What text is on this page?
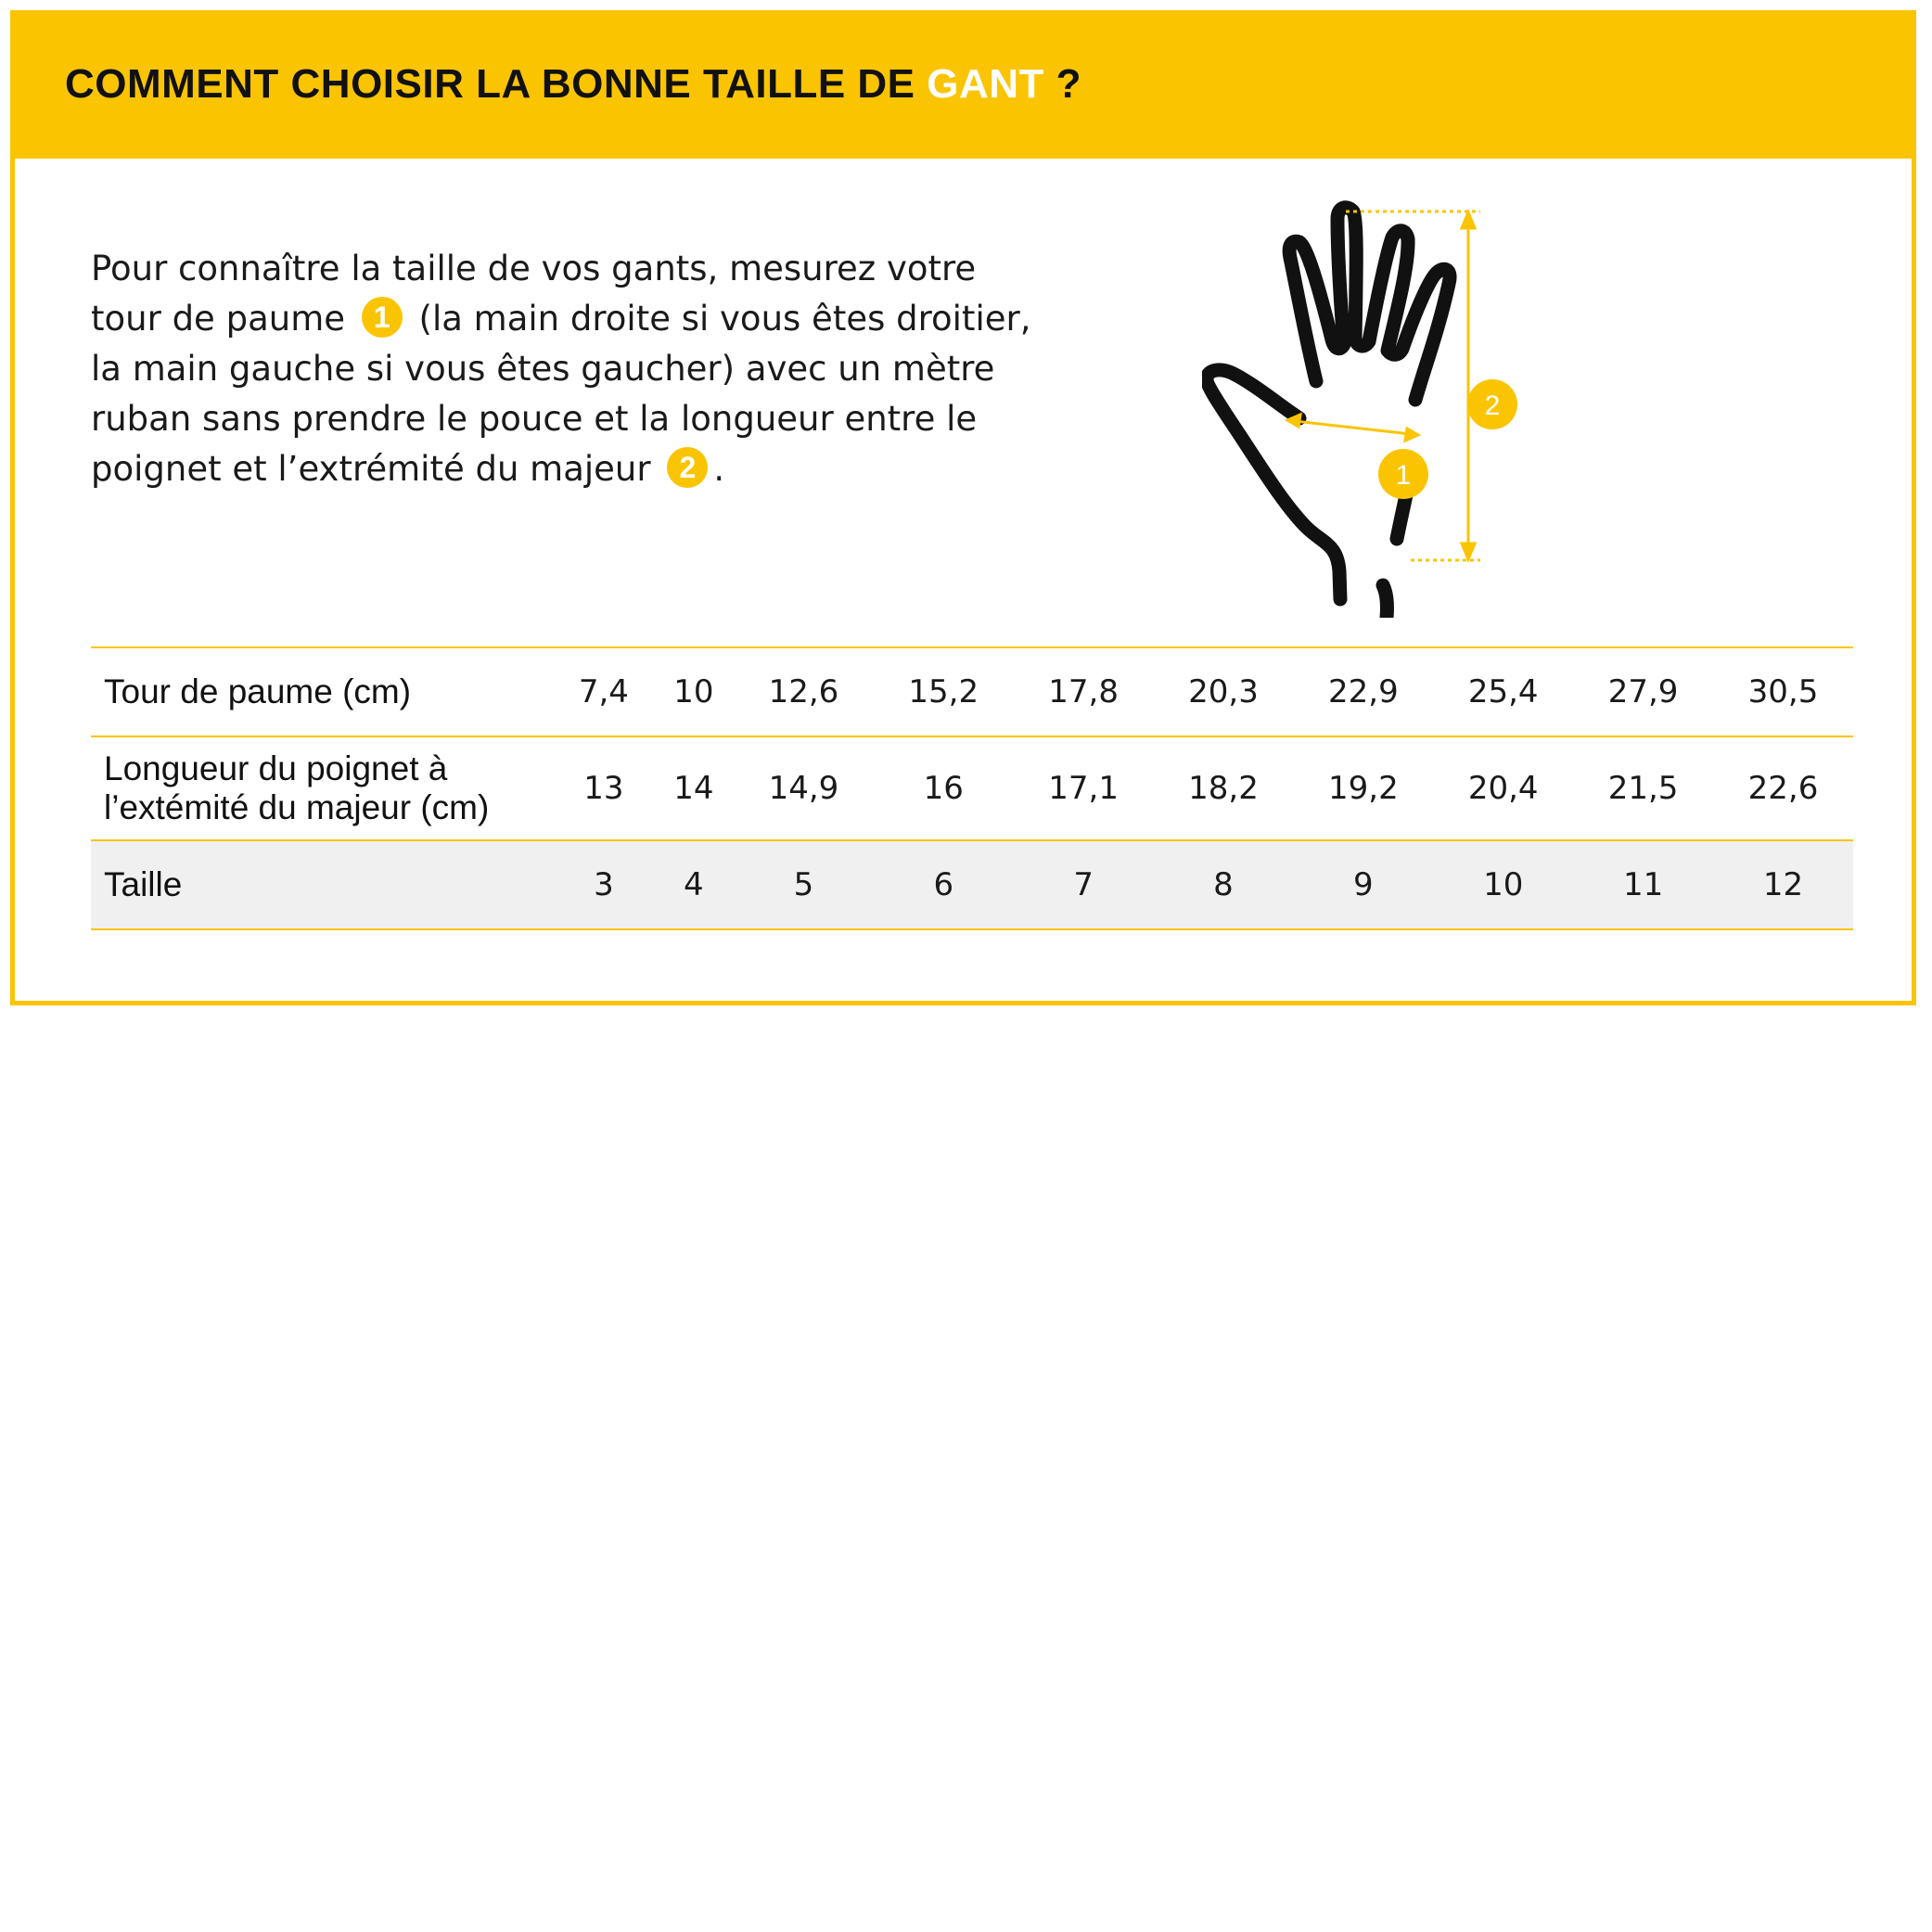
COMMENT CHOISIR LA BONNE TAILLE DE GANT ?
Pour connaître la taille de vos gants, mesurez votre tour de paume 1 (la main droite si vous êtes droitier, la main gauche si vous êtes gaucher) avec un mètre ruban sans prendre le pouce et la longueur entre le poignet et l’extrémité du majeur 2 .	1
2
Tour de paume (cm)	7,4	10	12,6	15,2	17,8	20,3	22,9	25,4	27,9	30,5
Longueur du poignet à l’extémité du majeur (cm)	13	14	14,9	16	17,1	18,2	19,2	20,4	21,5	22,6
Taille	3	4	5	6	7	8	9	10	11	12
